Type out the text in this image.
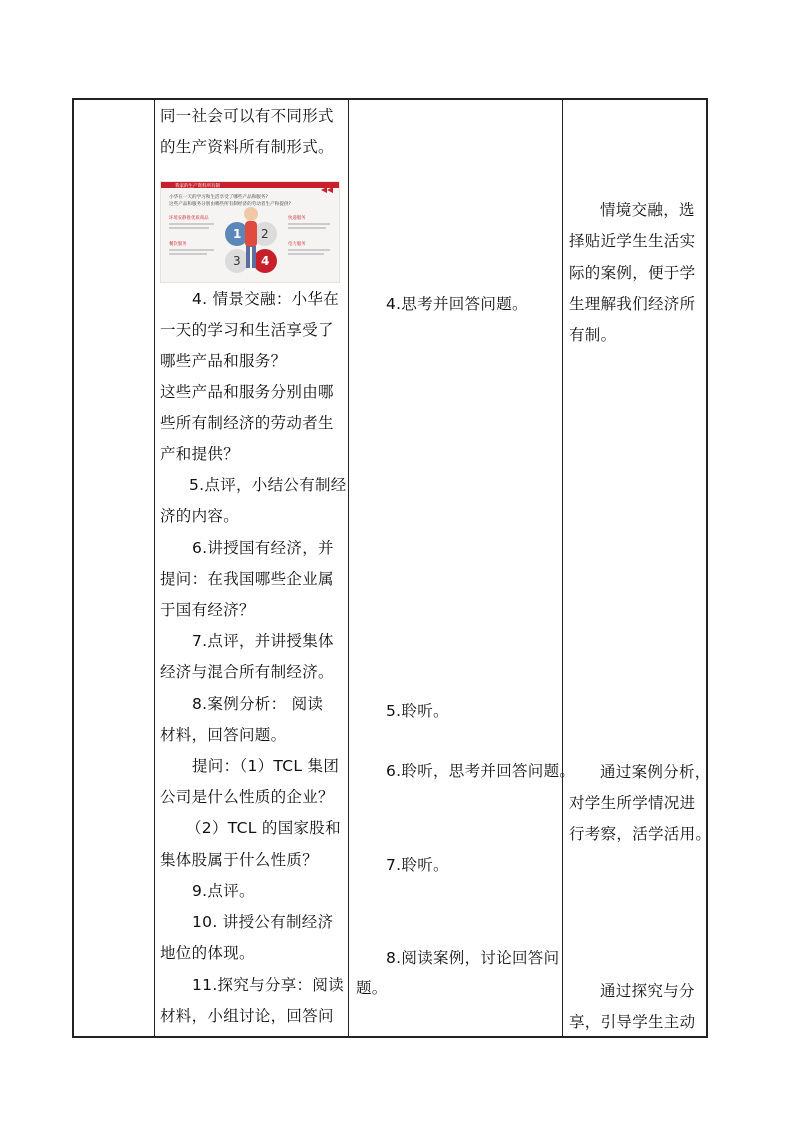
同一社会可以有不同形式
的生产资料所有制形式。
我家的生产资料所有制
小华在一天的学习和生活享受了哪些产品和服务?
这些产品和服务分别由哪些所有制经济的劳动者生产和提供?
环境安静推优质商品
餐饮服务
快递服务
电力服务
1 2
3 4
4. 情景交融：小华在
一天的学习和生活享受了
哪些产品和服务？
这些产品和服务分别由哪
些所有制经济的劳动者生
产和提供？
5.点评，小结公有制经
济的内容。
6.讲授国有经济，并
提问：在我国哪些企业属
于国有经济？
7.点评，并讲授集体
经济与混合所有制经济。
8.案例分析： 阅读
材料，回答问题。
提问：（1）TCL 集团
公司是什么性质的企业？
（2）TCL 的国家股和
集体股属于什么性质？
9.点评。
10. 讲授公有制经济
地位的体现。
11.探究与分享：阅读
材料，小组讨论，回答问
4.思考并回答问题。
5.聆听。
6.聆听，思考并回答问题。
7.聆听。
8.阅读案例，讨论回答问
题。
情境交融，选
择贴近学生生活实
际的案例，便于学
生理解我们经济所
有制。
通过案例分析，
对学生所学情况进
行考察，活学活用。
通过探究与分
享，引导学生主动
